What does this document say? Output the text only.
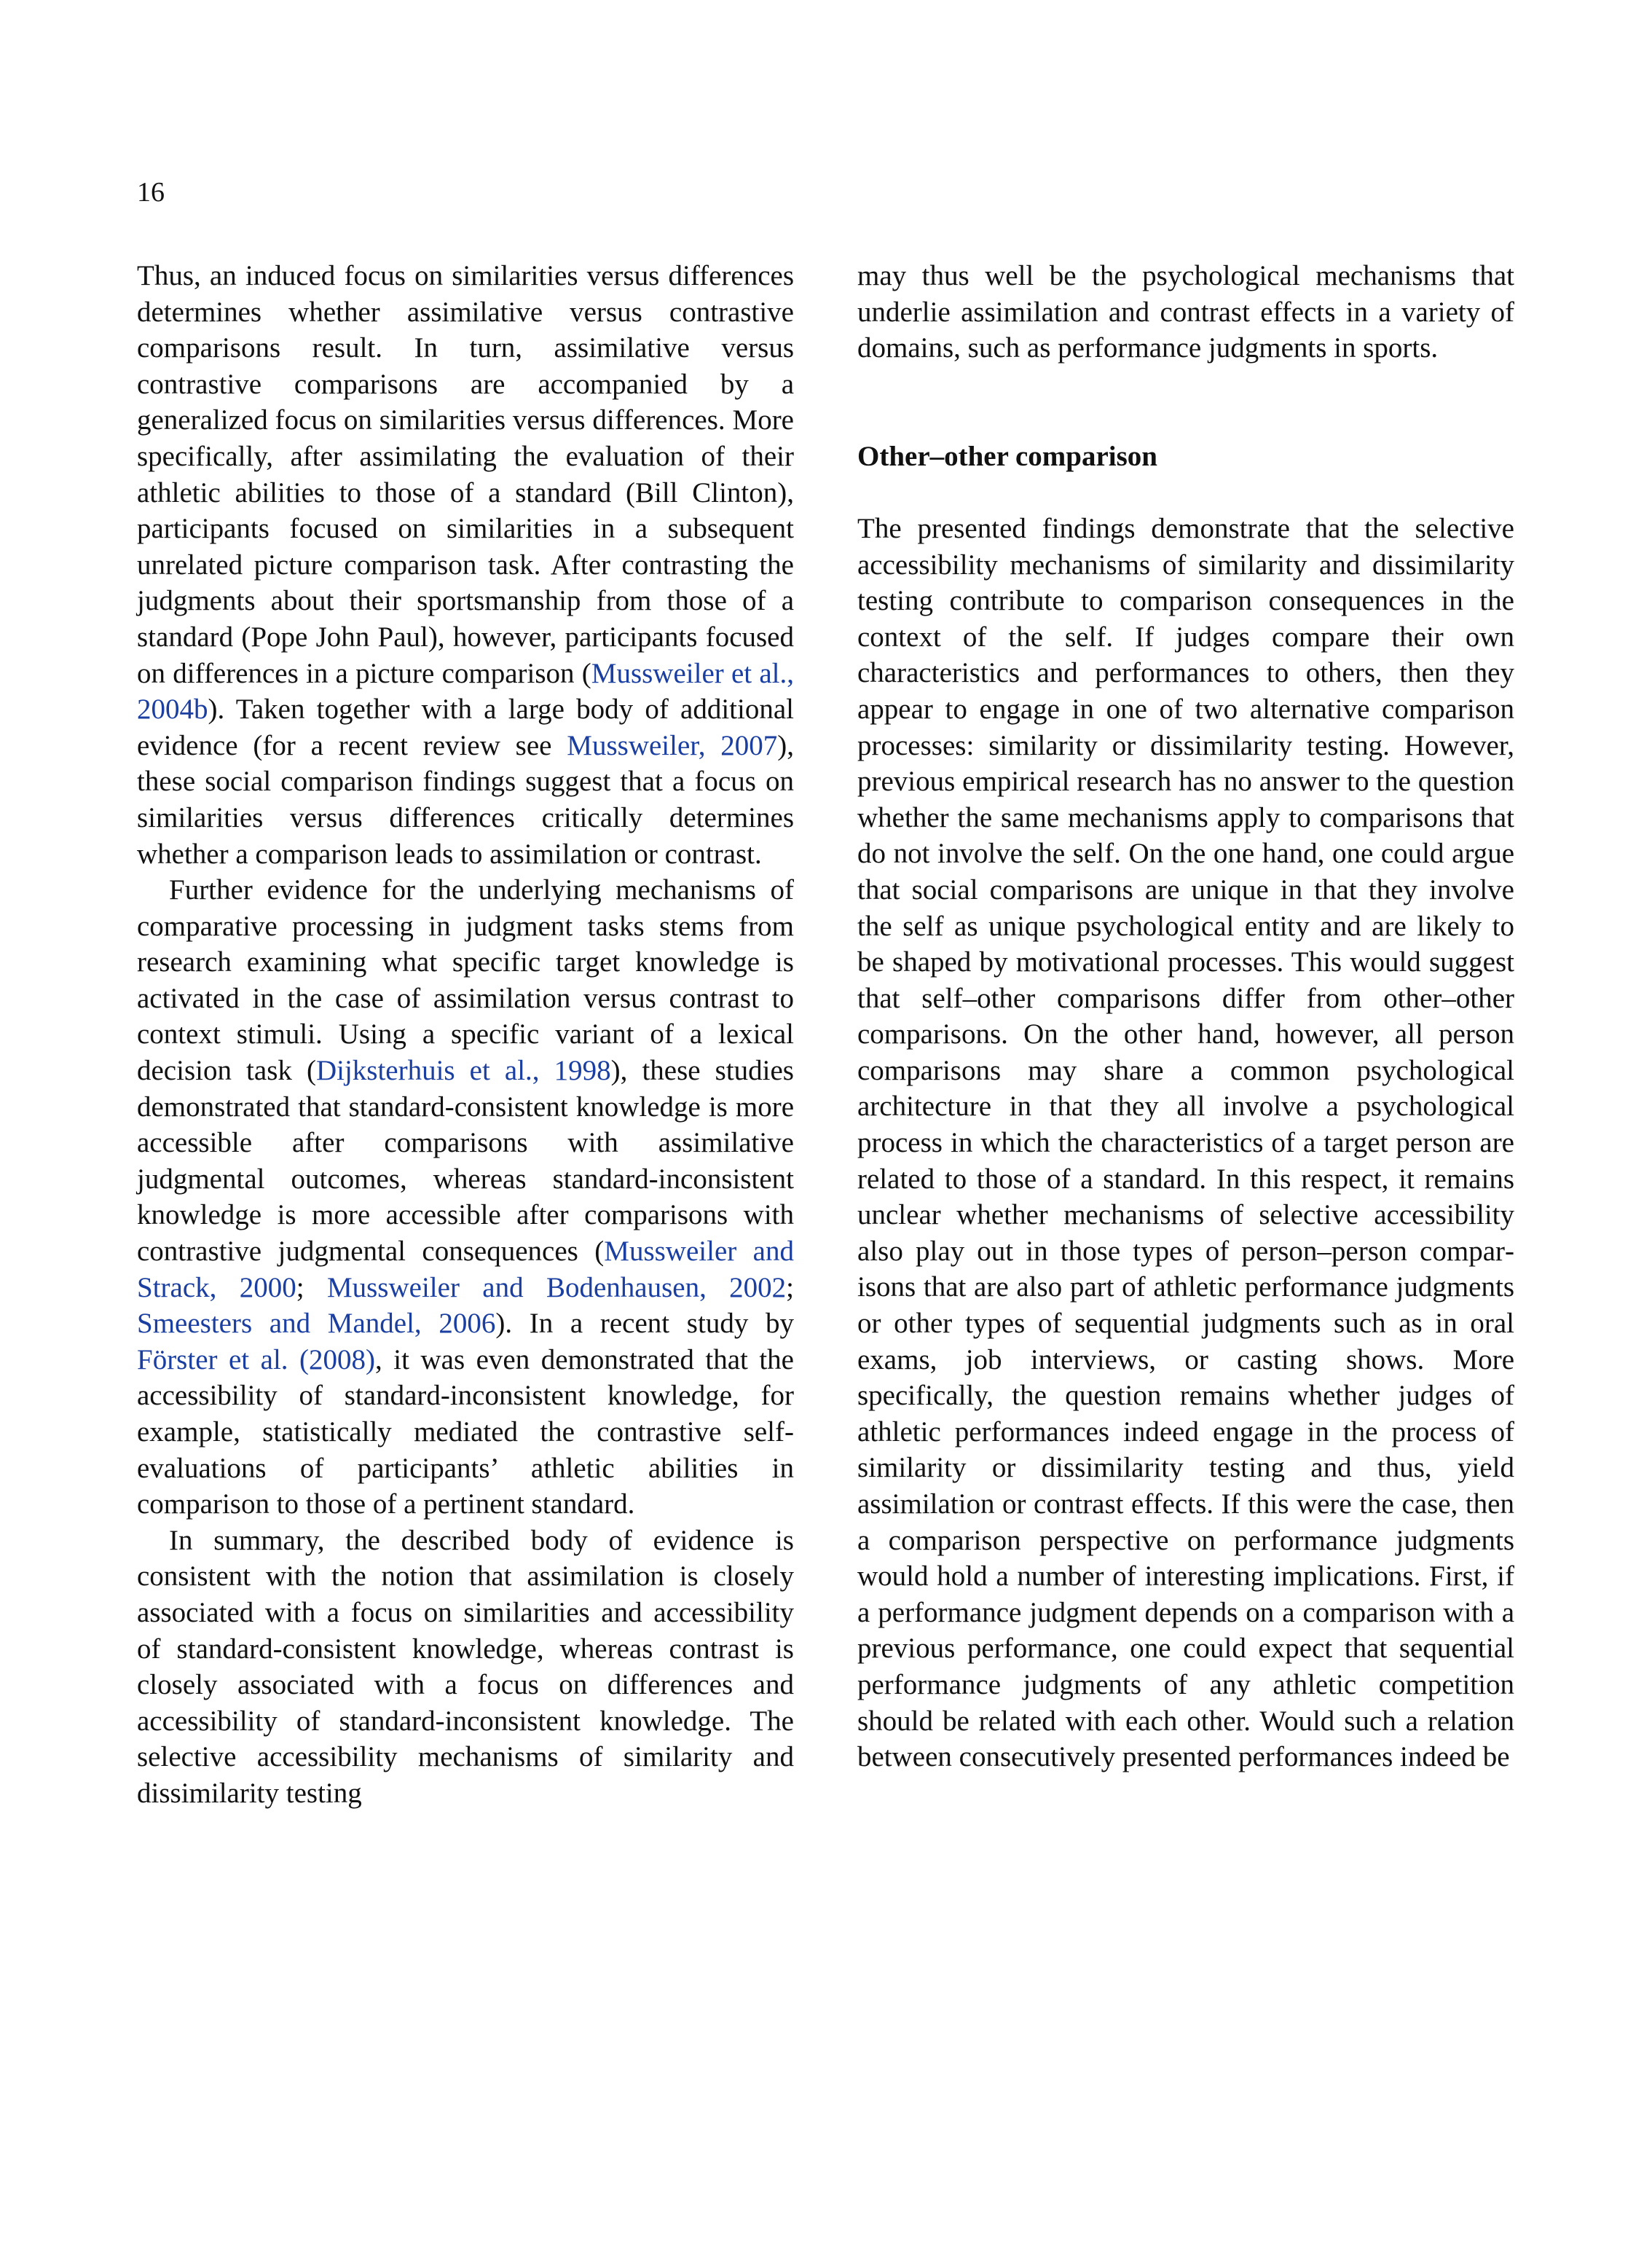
16

Thus, an induced focus on similarities versus differences determines whether assimilative versus contrastive comparisons result. In turn, assimilative versus contrastive comparisons are accompanied by a generalized focus on similarities versus differences. More specifically, after assimilating the evaluation of their athletic abilities to those of a standard (Bill Clinton), participants focused on similarities in a subsequent unrelated picture comparison task. After contrasting the judgments about their sportsmanship from those of a standard (Pope John Paul), however, participants focused on differences in a picture comparison (Mussweiler et al., 2004b). Taken together with a large body of additional evidence (for a recent review see Mussweiler, 2007), these social comparison findings suggest that a focus on similarities versus differences critically determines whether a comparison leads to assimilation or contrast.

Further evidence for the underlying mechanisms of comparative processing in judgment tasks stems from research examining what specific target knowledge is activated in the case of assimilation versus contrast to context stimuli. Using a specific variant of a lexical decision task (Dijksterhuis et al., 1998), these studies demonstrated that standard-consistent knowledge is more accessible after comparisons with assimilative judgmental outcomes, whereas standard-inconsistent knowledge is more accessible after comparisons with contrastive judgmental consequences (Mussweiler and Strack, 2000; Mussweiler and Bodenhausen, 2002; Smeesters and Mandel, 2006). In a recent study by Förster et al. (2008), it was even demonstrated that the accessibility of standard-inconsistent knowledge, for example, statistically mediated the contrastive self-evaluations of participants’ athletic abilities in comparison to those of a pertinent standard.

In summary, the described body of evidence is consistent with the notion that assimilation is closely associated with a focus on similarities and accessibility of standard-consistent knowledge, whereas contrast is closely associated with a focus on differences and accessibility of standard-inconsistent knowledge. The selective accessibility mechanisms of similarity and dissimilarity testing

may thus well be the psychological mechanisms that underlie assimilation and contrast effects in a variety of domains, such as performance judgments in sports.

Other–other comparison

The presented findings demonstrate that the selective accessibility mechanisms of similarity and dissimilarity testing contribute to comparison consequences in the context of the self. If judges compare their own characteristics and performances to others, then they appear to engage in one of two alternative comparison processes: similarity or dissimilarity testing. However, previous empirical research has no answer to the question whether the same mechanisms apply to comparisons that do not involve the self. On the one hand, one could argue that social comparisons are unique in that they involve the self as unique psychological entity and are likely to be shaped by motivational processes. This would suggest that self–other comparisons differ from other–other comparisons. On the other hand, however, all person comparisons may share a common psychological architecture in that they all involve a psychological process in which the characteristics of a target person are related to those of a standard. In this respect, it remains unclear whether mechanisms of selective accessibility also play out in those types of person–person comparisons that are also part of athletic performance judgments or other types of sequential judgments such as in oral exams, job interviews, or casting shows. More specifically, the question remains whether judges of athletic performances indeed engage in the process of similarity or dissimilarity testing and thus, yield assimilation or contrast effects. If this were the case, then a comparison perspective on performance judgments would hold a number of interesting implications. First, if a performance judgment depends on a comparison with a previous performance, one could expect that sequential performance judgments of any athletic competition should be related with each other. Would such a relation between consecutively presented performances indeed be
